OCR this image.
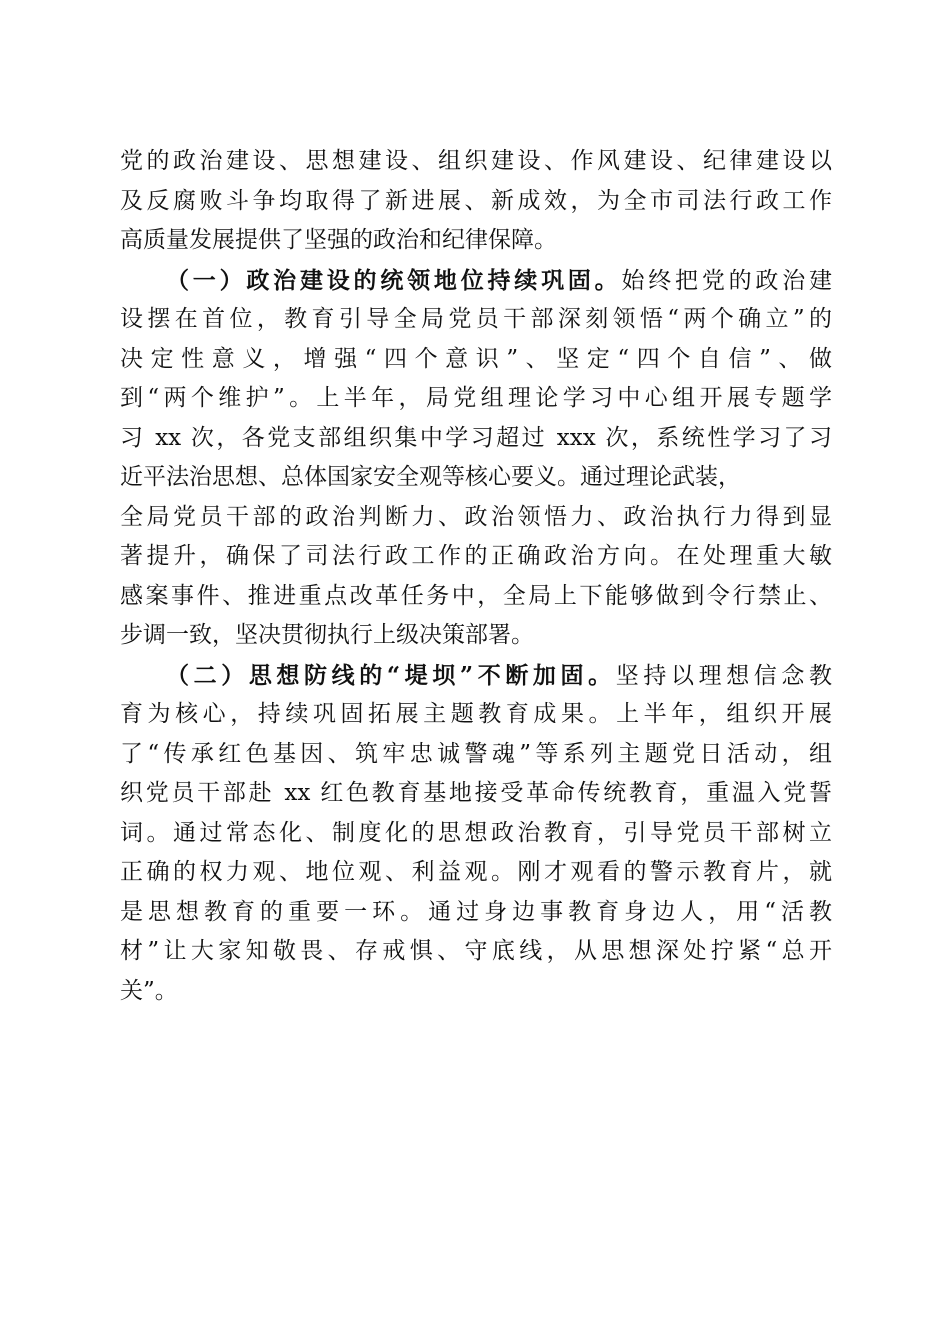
党的政治建设、思想建设、组织建设、作风建设、纪律建设以
及反腐败斗争均取得了新进展、新成效，为全市司法行政工作
高质量发展提供了坚强的政治和纪律保障。
（一）政治建设的统领地位持续巩固。始终把党的政治建
设摆在首位，教育引导全局党员干部深刻领悟“两个确立”的
决定性意义，增强“四个意识”、坚定“四个自信”、做
到“两个维护”。上半年，局党组理论学习中心组开展专题学
习 xx 次，各党支部组织集中学习超过 xxx 次，系统性学习了习
近平法治思想、总体国家安全观等核心要义。通过理论武装，
全局党员干部的政治判断力、政治领悟力、政治执行力得到显
著提升，确保了司法行政工作的正确政治方向。在处理重大敏
感案事件、推进重点改革任务中，全局上下能够做到令行禁止、
步调一致，坚决贯彻执行上级决策部署。
（二）思想防线的“堤坝”不断加固。坚持以理想信念教
育为核心，持续巩固拓展主题教育成果。上半年，组织开展
了“传承红色基因、筑牢忠诚警魂”等系列主题党日活动，组
织党员干部赴 xx 红色教育基地接受革命传统教育，重温入党誓
词。通过常态化、制度化的思想政治教育，引导党员干部树立
正确的权力观、地位观、利益观。刚才观看的警示教育片，就
是思想教育的重要一环。通过身边事教育身边人，用“活教
材”让大家知敬畏、存戒惧、守底线，从思想深处拧紧“总开
关”。
